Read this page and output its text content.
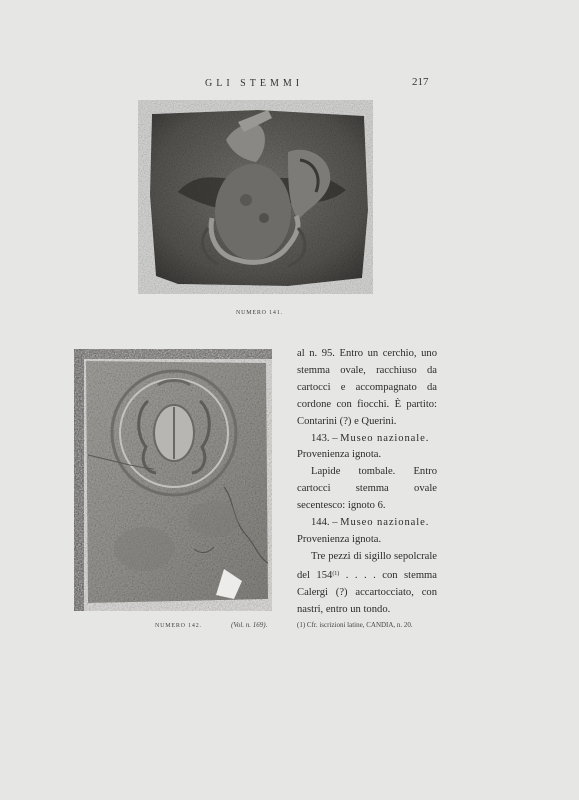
GLI STEMMI	217
NUMERO 141.
NUMERO 142.	(Vol. n. 169).

al n. 95. Entro un cerchio, uno stemma ovale, racchiuso da cartocci e accompagnato da cordone con fiocchi. È partito: Contarini (?) e Querini.

143. – Museo nazionale.

Provenienza ignota.

Lapide tombale. Entro cartocci stemma ovale secentesco: ignoto 6.

144. – Museo nazionale.

Provenienza ignota.

Tre pezzi di sigillo sepolcrale del 154$^{(1)}$ . . . . con stemma Calergi (?) accartocciato, con nastri, entro un tondo.

(1) Cfr. iscrizioni latine, CANDIA, n. 20.
